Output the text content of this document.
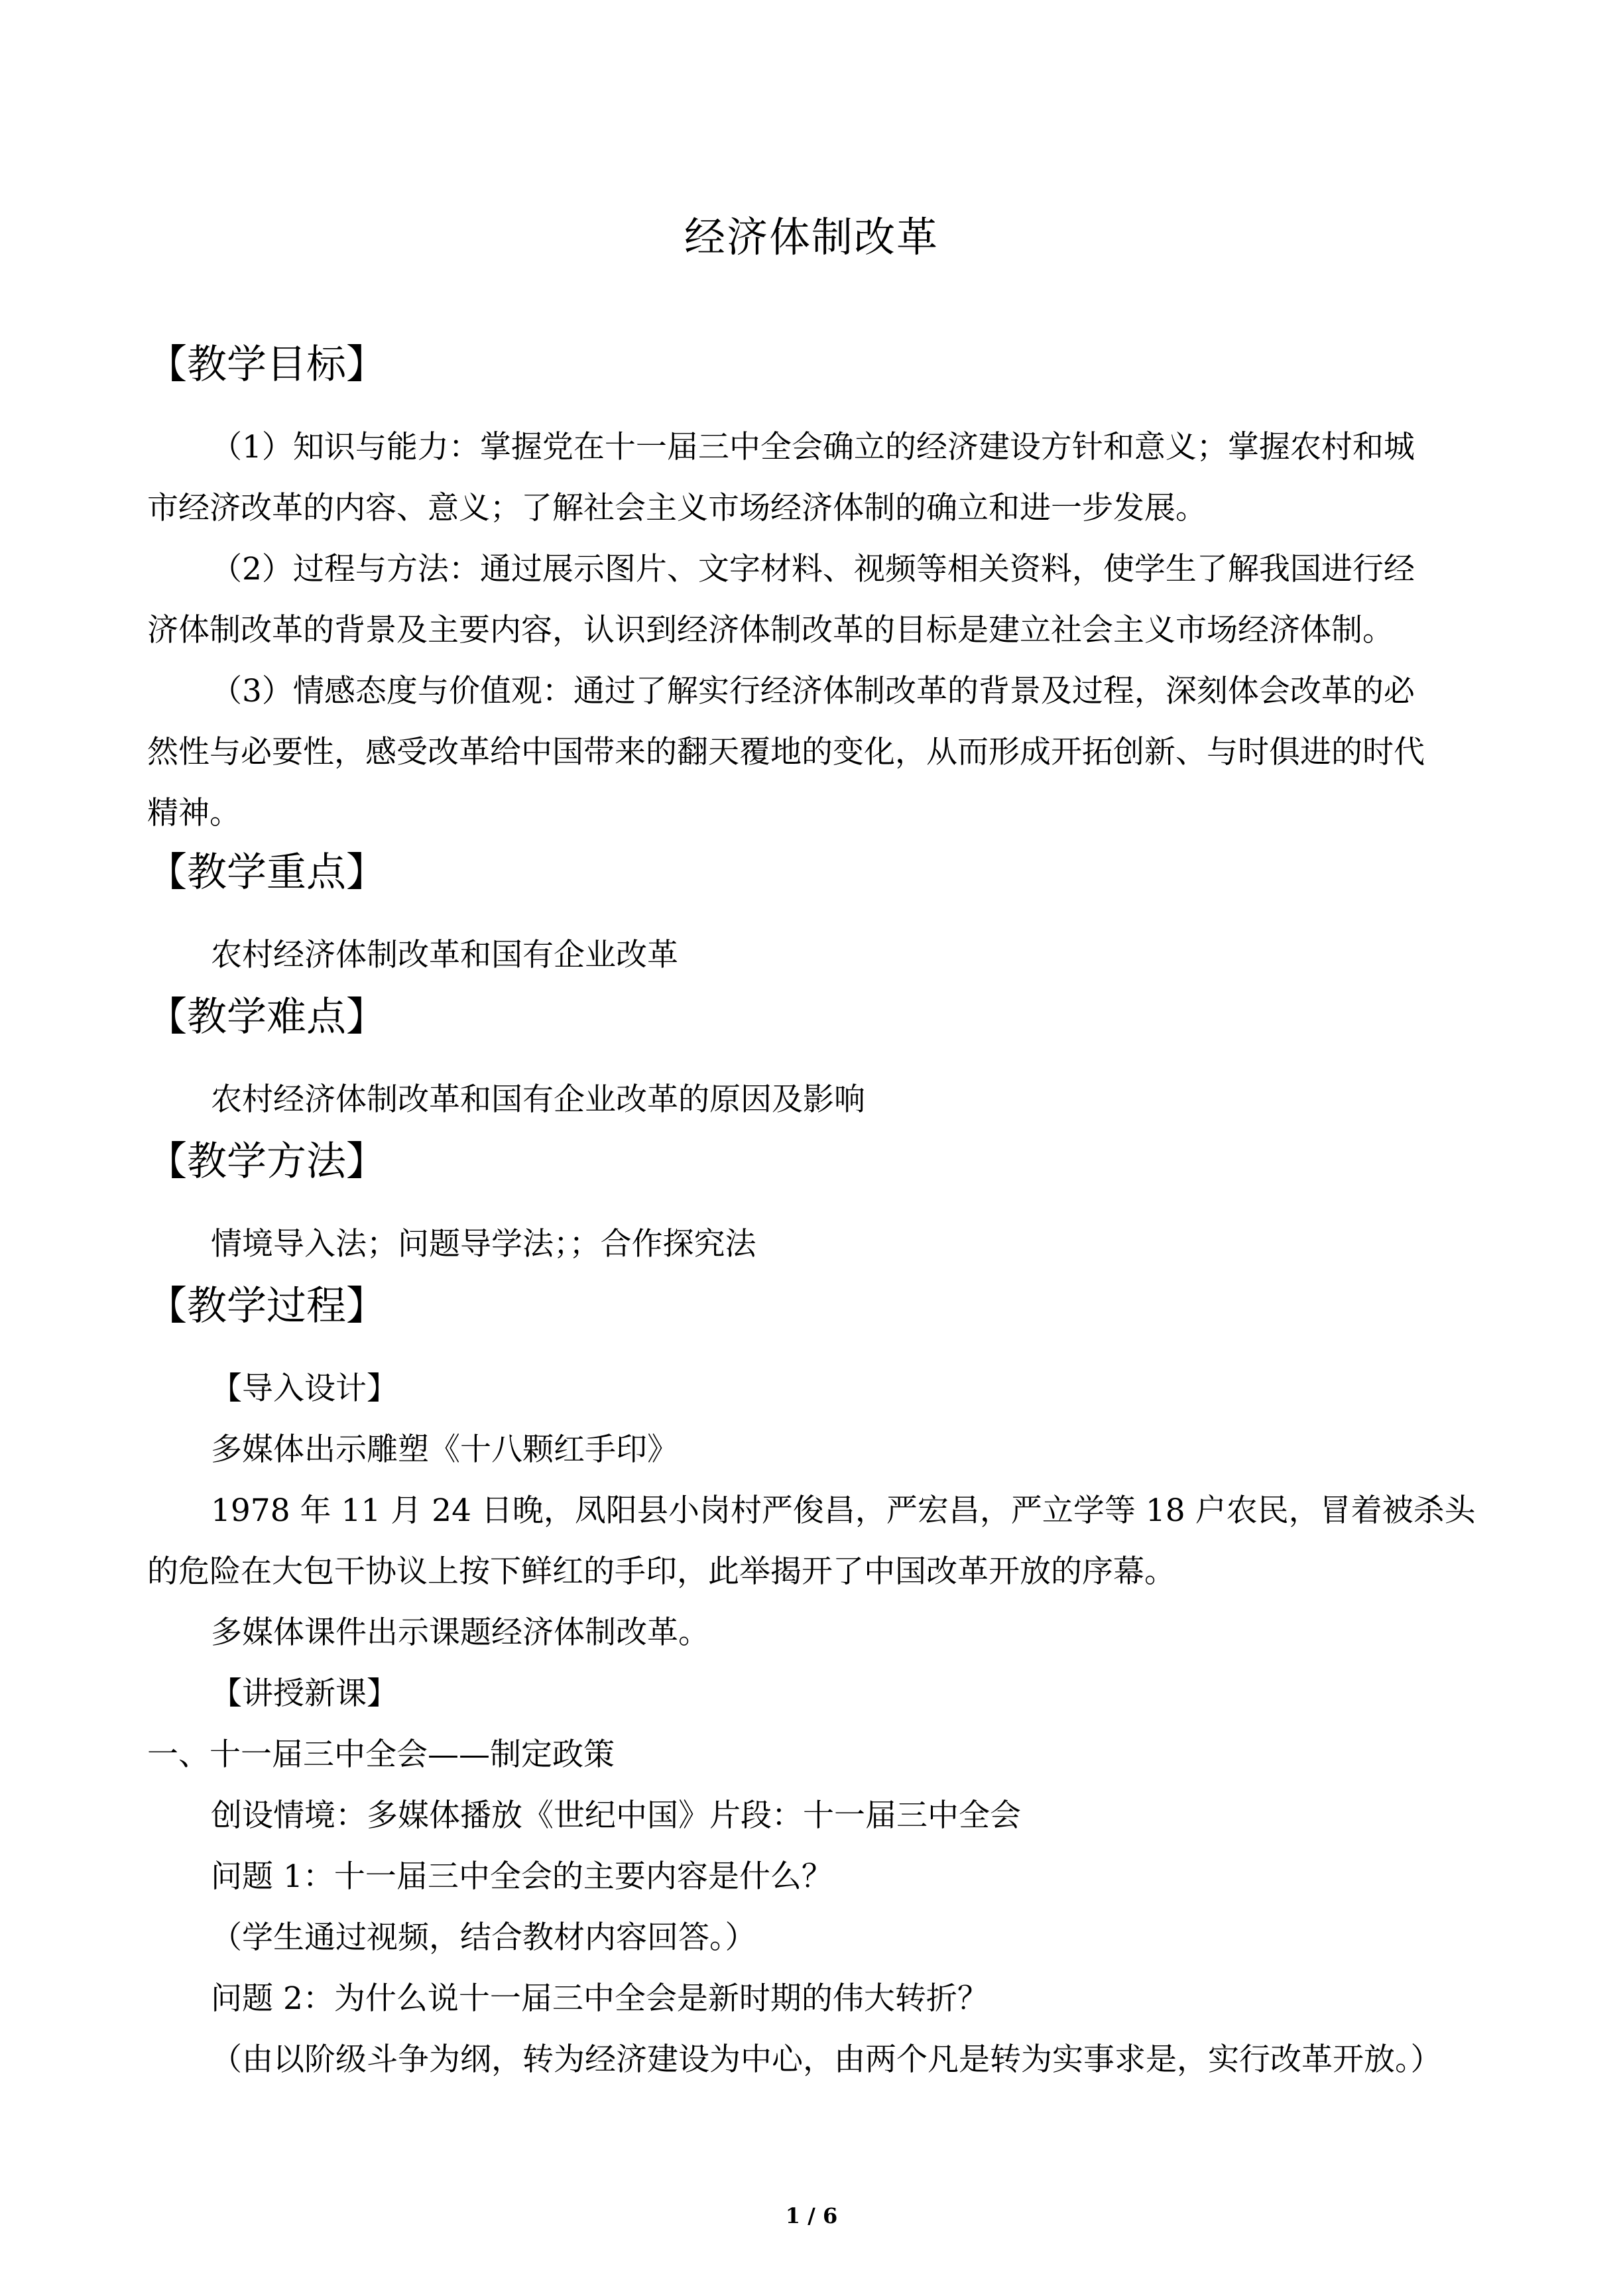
经济体制改革
【教学目标】
（1）知识与能力：掌握党在十一届三中全会确立的经济建设方针和意义；掌握农村和城
市经济改革的内容、意义；了解社会主义市场经济体制的确立和进一步发展。
（2）过程与方法：通过展示图片、文字材料、视频等相关资料，使学生了解我国进行经
济体制改革的背景及主要内容，认识到经济体制改革的目标是建立社会主义市场经济体制。
（3）情感态度与价值观：通过了解实行经济体制改革的背景及过程，深刻体会改革的必
然性与必要性，感受改革给中国带来的翻天覆地的变化，从而形成开拓创新、与时俱进的时代
精神。
【教学重点】
农村经济体制改革和国有企业改革
【教学难点】
农村经济体制改革和国有企业改革的原因及影响
【教学方法】
情境导入法；问题导学法；；合作探究法
【教学过程】
【导入设计】
多媒体出示雕塑《十八颗红手印》
1978 年 11 月 24 日晚，凤阳县小岗村严俊昌，严宏昌，严立学等 18 户农民，冒着被杀头
的危险在大包干协议上按下鲜红的手印，此举揭开了中国改革开放的序幕。
多媒体课件出示课题经济体制改革。
【讲授新课】
一、十一届三中全会——制定政策
创设情境：多媒体播放《世纪中国》片段：十一届三中全会
问题 1：十一届三中全会的主要内容是什么？
（学生通过视频，结合教材内容回答。）
问题 2：为什么说十一届三中全会是新时期的伟大转折？
（由以阶级斗争为纲，转为经济建设为中心，由两个凡是转为实事求是，实行改革开放。）
1 / 6
